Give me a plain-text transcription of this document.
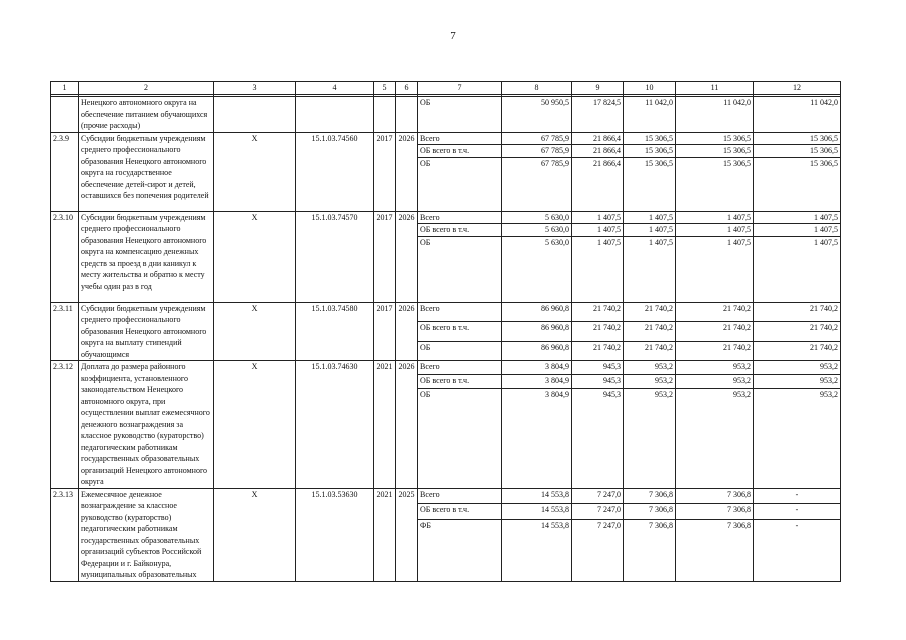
7
1	2	3	4	5	6	7	8	9	10	11	12

	Ненецкого автономного округа на обеспечение питанием обучающихся (прочие расходы)					ОБ	50 950,5	17 824,5	11 042,0	11 042,0	11 042,0
2.3.9	Субсидии бюджетным учреждениям среднего профессионального образования Ненецкого автономного округа на государственное обеспечение детей-сирот и детей, оставшихся без попечения родителей	Х	15.1.03.74560	2017	2026	Всего	67 785,9	21 866,4	15 306,5	15 306,5	15 306,5
						ОБ всего в т.ч.	67 785,9	21 866,4	15 306,5	15 306,5	15 306,5
						ОБ	67 785,9	21 866,4	15 306,5	15 306,5	15 306,5
2.3.10	Субсидии бюджетным учреждениям среднего профессионального образования Ненецкого автономного округа на компенсацию денежных средств за проезд в дни каникул к месту жительства и обратно к месту учебы один раз в год	Х	15.1.03.74570	2017	2026	Всего	5 630,0	1 407,5	1 407,5	1 407,5	1 407,5
						ОБ всего в т.ч.	5 630,0	1 407,5	1 407,5	1 407,5	1 407,5
						ОБ	5 630,0	1 407,5	1 407,5	1 407,5	1 407,5
2.3.11	Субсидии бюджетным учреждениям среднего профессионального образования Ненецкого автономного округа на выплату стипендий обучающимся	Х	15.1.03.74580	2017	2026	Всего	86 960,8	21 740,2	21 740,2	21 740,2	21 740,2
						ОБ всего в т.ч.	86 960,8	21 740,2	21 740,2	21 740,2	21 740,2
						ОБ	86 960,8	21 740,2	21 740,2	21 740,2	21 740,2
2.3.12	Доплата до размера районного коэффициента, установленного законодательством Ненецкого автономного округа, при осуществлении выплат ежемесячного денежного вознаграждения за классное руководство (кураторство) педагогическим работникам государственных образовательных организаций Ненецкого автономного округа	Х	15.1.03.74630	2021	2026	Всего	3 804,9	945,3	953,2	953,2	953,2
						ОБ всего в т.ч.	3 804,9	945,3	953,2	953,2	953,2
						ОБ	3 804,9	945,3	953,2	953,2	953,2
2.3.13	Ежемесячное денежное вознаграждение за классное руководство (кураторство) педагогическим работникам государственных образовательных организаций субъектов Российской Федерации и г. Байконура, муниципальных образовательных	Х	15.1.03.53630	2021	2025	Всего	14 553,8	7 247,0	7 306,8	7 306,8	-
						ОБ всего в т.ч.	14 553,8	7 247,0	7 306,8	7 306,8	-
						ФБ	14 553,8	7 247,0	7 306,8	7 306,8	-
